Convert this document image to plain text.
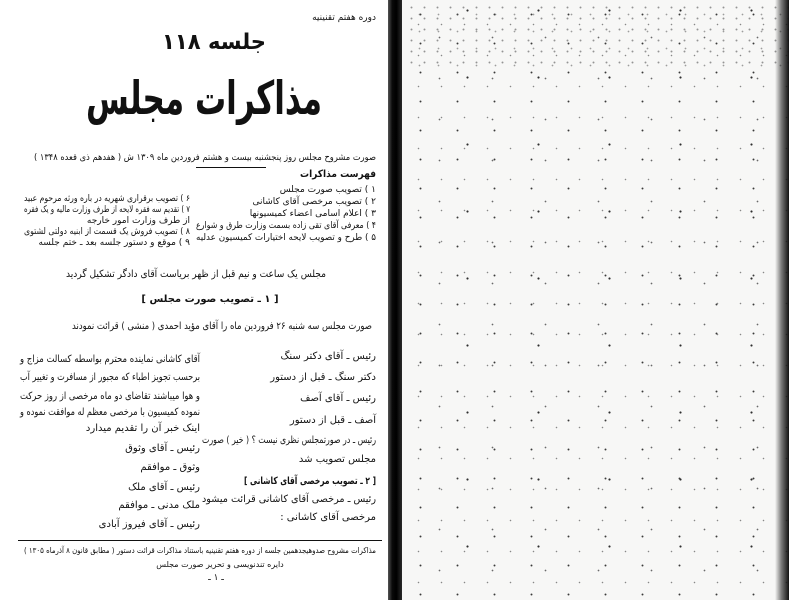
دوره هفتم تقنینیه
جلسه ۱۱۸
مذاکرات مجلس
صورت مشروح مجلس روز پنجشنبه بیست و هشتم فروردین ماه ۱۳۰۹ ش ( هفدهم ذی قعده ۱۳۴۸ )
فهرست مذاکرات
۱ ) تصویب صورت مجلس
۲ ) تصویب مرخصی آقای کاشانی
۳ ) اعلام اسامی اعضاء کمیسیونها
۴ ) معرفی آقای تقی زاده بسمت وزارت طرق و شوارع
۵ ) طرح و تصویب لایحه اختیارات کمیسیون عدلیه
۶ ) تصویب برقراری شهریه در باره ورثه مرحوم عبید
۷ ) تقدیم سه فقره لایحه از طرف وزارت مالیه و یک فقره
از طرف وزارت امور خارجه
۸ ) تصویب فروش یک قسمت از ابنیه دولتی لشتوی
۹ ) موقع و دستور جلسه بعد ـ ختم جلسه
مجلس یک ساعت و نیم قبل از ظهر بریاست آقای دادگر تشکیل گردید
[ ۱ ـ تصویب صورت مجلس ]
صورت مجلس سه شنبه ۲۶ فروردین ماه را آقای مؤید احمدی ( منشی ) قرائت نمودند
رئیس ـ آقای دکتر سنگ
دکتر سنگ ـ قبل از دستور
رئیس ـ آقای آصف
آصف ـ قبل از دستور
رئیس ـ در صورتمجلس نظری نیست ؟ ( خیر ) صورت
مجلس تصویب شد
[ ۲ ـ تصویب مرخصی آقای کاشانی ]
رئیس ـ مرخصی آقای کاشانی قرائت میشود
مرخصی آقای کاشانی :
آقای کاشانی نماینده محترم بواسطه کسالت مزاج و
برحسب تجویز اطباء که مجبور از مسافرت و تغییر آب
و هوا میباشند تقاضای دو ماه مرخصی از روز حرکت
نموده کمیسیون با مرخصی معظم له موافقت نموده و
اینک خبر آن را تقدیم میدارد
رئیس ـ آقای وثوق
وثوق ـ موافقم
رئیس ـ آقای ملک
ملک مدنی ـ موافقم
رئیس ـ آقای فیروز آبادی
مذاکرات مشروح صدوهیجدهمین جلسه از دوره هفتم تقنینیه باستناد مذاکرات قرائت دستور ( مطابق قانون ۸ آذرماه ۱۳۰۵ )
دایره تندنویسی و تحریر صورت مجلس
ـ ۱ ـ
